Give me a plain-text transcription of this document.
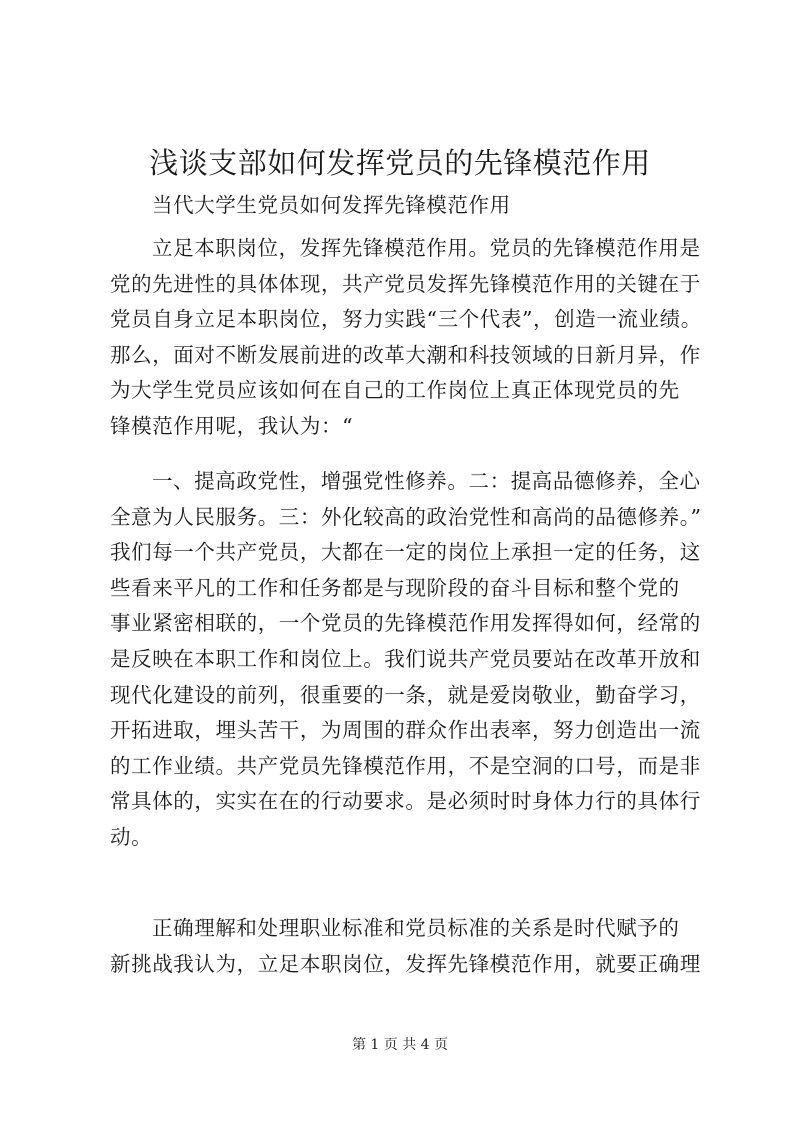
浅谈支部如何发挥党员的先锋模范作用

当代大学生党员如何发挥先锋模范作用

立足本职岗位，发挥先锋模范作用。党员的先锋模范作用是
党的先进性的具体体现，共产党员发挥先锋模范作用的关键在于
党员自身立足本职岗位，努力实践“三个代表”，创造一流业绩。
那么，面对不断发展前进的改革大潮和科技领域的日新月异，作
为大学生党员应该如何在自己的工作岗位上真正体现党员的先
锋模范作用呢，我认为：“

一、提高政党性，增强党性修养。二：提高品德修养，全心
全意为人民服务。三：外化较高的政治党性和高尚的品德修养。”
我们每一个共产党员，大都在一定的岗位上承担一定的任务，这
些看来平凡的工作和任务都是与现阶段的奋斗目标和整个党的
事业紧密相联的，一个党员的先锋模范作用发挥得如何，经常的
是反映在本职工作和岗位上。我们说共产党员要站在改革开放和
现代化建设的前列，很重要的一条，就是爱岗敬业，勤奋学习，
开拓进取，埋头苦干，为周围的群众作出表率，努力创造出一流
的工作业绩。共产党员先锋模范作用，不是空洞的口号，而是非
常具体的，实实在在的行动要求。是必须时时身体力行的具体行
动。

正确理解和处理职业标准和党员标准的关系是时代赋予的
新挑战我认为，立足本职岗位，发挥先锋模范作用，就要正确理

第 1 页 共 4 页
